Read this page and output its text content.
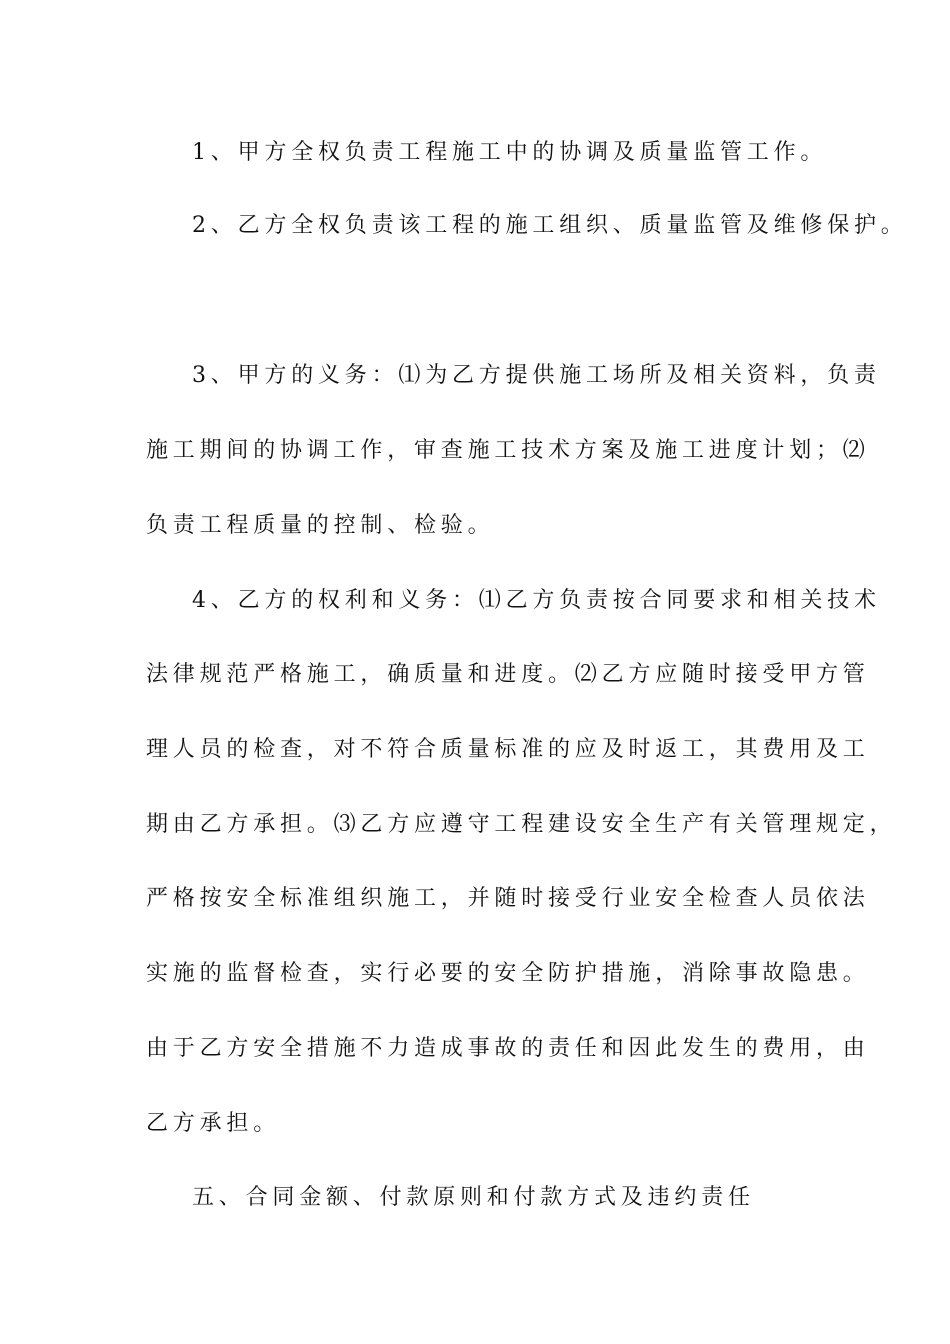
1、甲方全权负责工程施工中的协调及质量监管工作。
2、乙方全权负责该工程的施工组织、质量监管及维修保护。
3、甲方的义务：⑴为乙方提供施工场所及相关资料，负责
施工期间的协调工作，审查施工技术方案及施工进度计划；⑵
负责工程质量的控制、检验。
4、乙方的权利和义务：⑴乙方负责按合同要求和相关技术
法律规范严格施工，确质量和进度。⑵乙方应随时接受甲方管
理人员的检查，对不符合质量标准的应及时返工，其费用及工
期由乙方承担。⑶乙方应遵守工程建设安全生产有关管理规定，
严格按安全标准组织施工，并随时接受行业安全检查人员依法
实施的监督检查，实行必要的安全防护措施，消除事故隐患。
由于乙方安全措施不力造成事故的责任和因此发生的费用，由
乙方承担。
五、合同金额、付款原则和付款方式及违约责任
